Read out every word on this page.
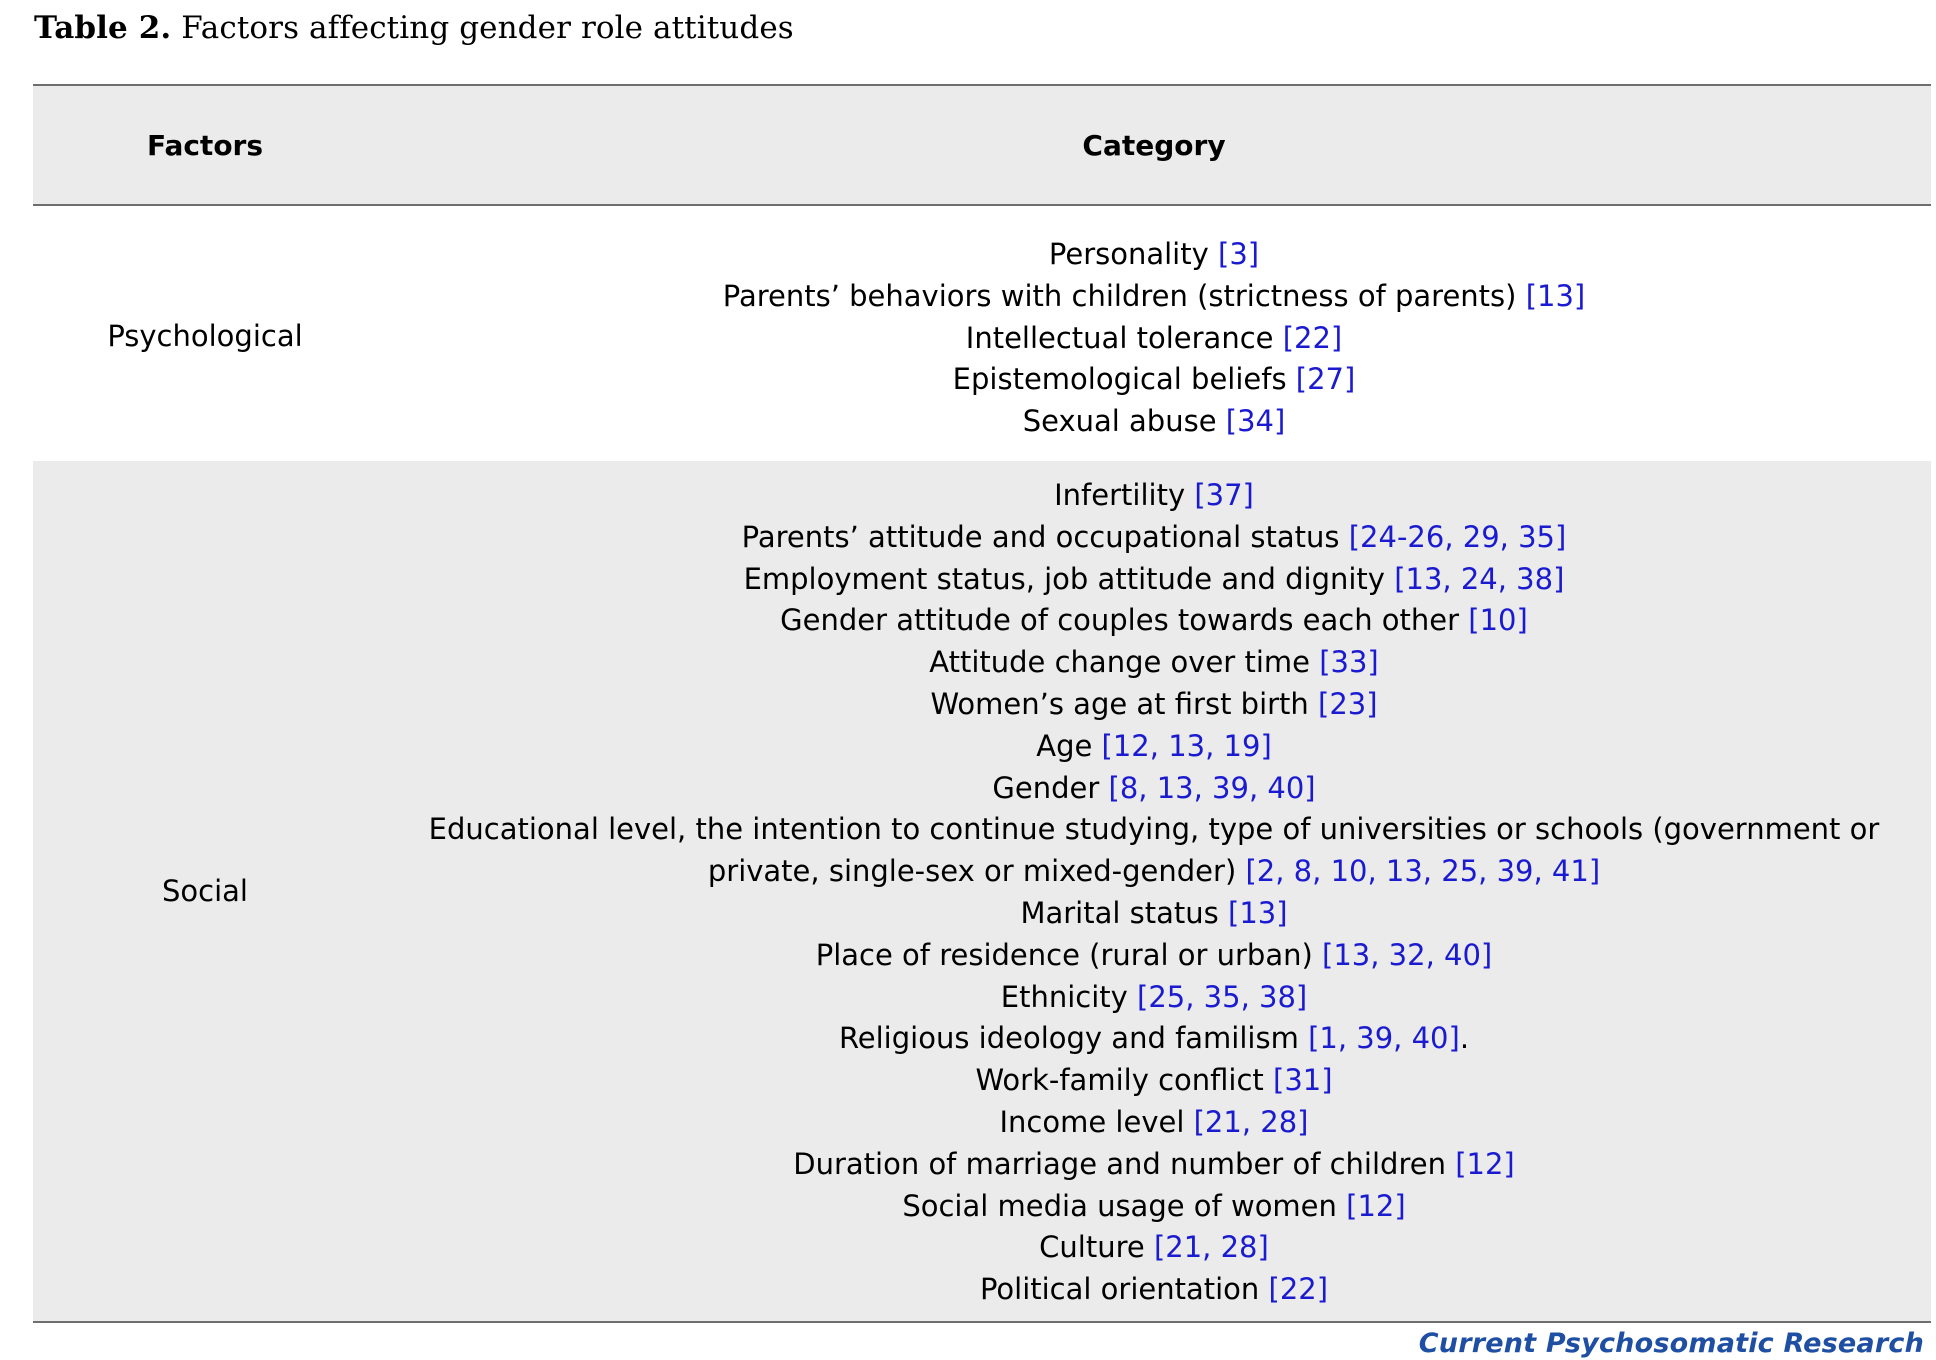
Table 2. Factors affecting gender role attitudes
Factors	Category
Psychological
Personality [3]
Parents’ behaviors with children (strictness of parents) [13]
Intellectual tolerance [22]
Epistemological beliefs [27]
Sexual abuse [34]
Social
Infertility [37]
Parents’ attitude and occupational status [24-26, 29, 35]
Employment status, job attitude and dignity [13, 24, 38]
Gender attitude of couples towards each other [10]
Attitude change over time [33]
Women’s age at first birth [23]
Age [12, 13, 19]
Gender [8, 13, 39, 40]
Educational level, the intention to continue studying, type of universities or schools (government or private, single-sex or mixed-gender) [2, 8, 10, 13, 25, 39, 41]
Marital status [13]
Place of residence (rural or urban) [13, 32, 40]
Ethnicity [25, 35, 38]
Religious ideology and familism [1, 39, 40].
Work-family conflict [31]
Income level [21, 28]
Duration of marriage and number of children [12]
Social media usage of women [12]
Culture [21, 28]
Political orientation [22]
Current Psychosomatic Research
